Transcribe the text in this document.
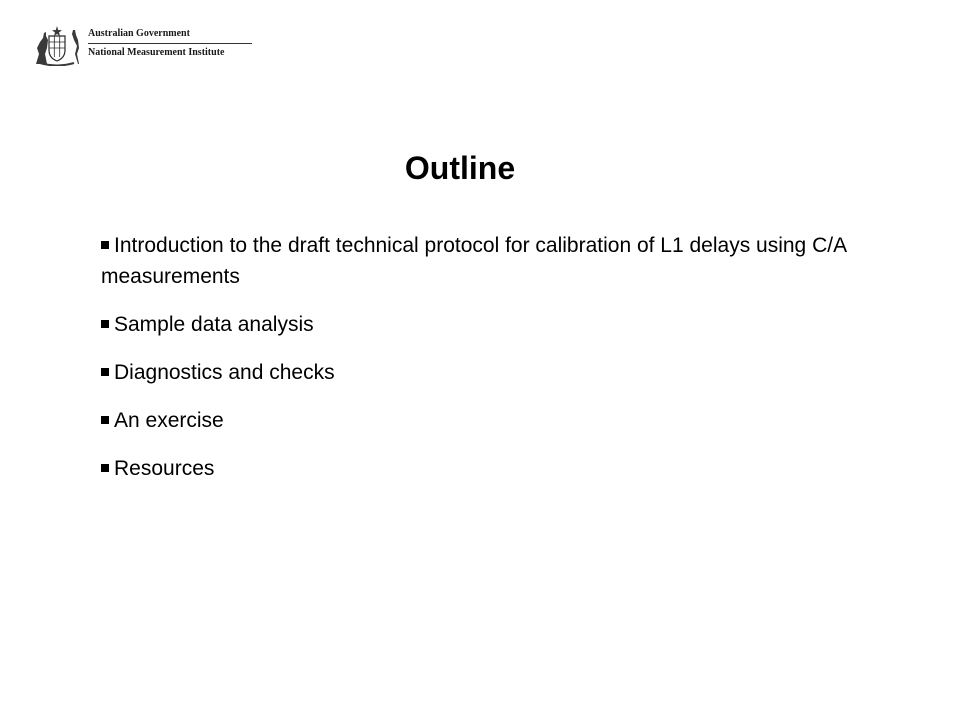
Australian Government
National Measurement Institute
Outline
Introduction to the draft technical protocol for calibration of L1 delays using C/A measurements
Sample data analysis
Diagnostics and checks
An exercise
Resources
